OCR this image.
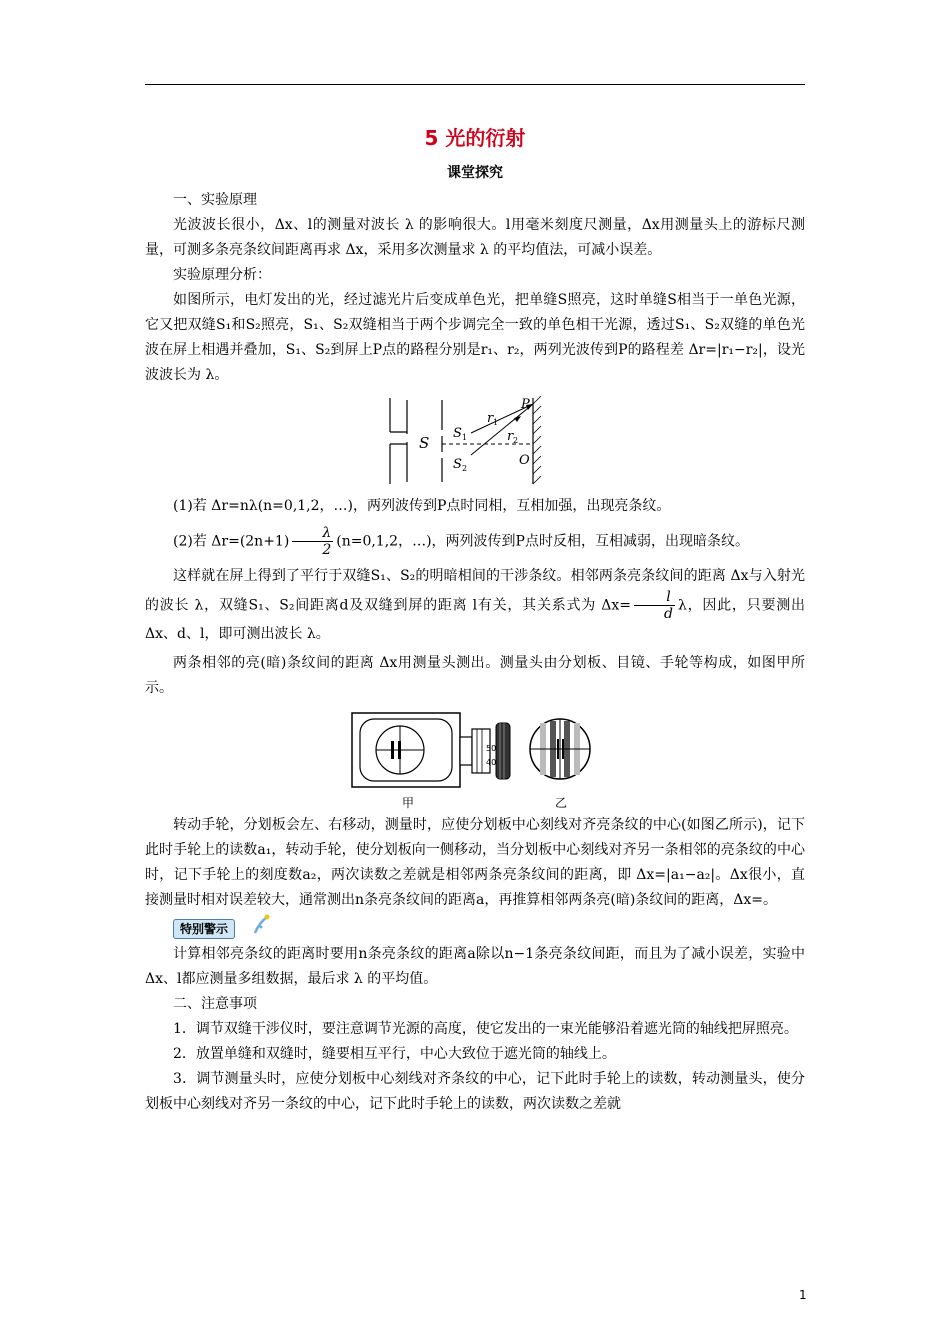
5 光的衍射
课堂探究

一、实验原理

光波波长很小，Δx、l的测量对波长 λ 的影响很大。l用毫米刻度尺测量，Δx用测量头上的游标尺测量，可测多条亮条纹间距离再求 Δx，采用多次测量求 λ 的平均值法，可减小误差。

实验原理分析：

如图所示，电灯发出的光，经过滤光片后变成单色光，把单缝S照亮，这时单缝S相当于一单色光源，它又把双缝S₁和S₂照亮，S₁、S₂双缝相当于两个步调完全一致的单色相干光源，透过S₁、S₂双缝的单色光波在屏上相遇并叠加，S₁、S₂到屏上P点的路程分别是r₁、r₂，两列光波传到P的路程差 Δr=|r₁−r₂|，设光波波长为 λ。

S
S 1
S 2
r 1
r 2
P
O

(1)若 Δr=nλ(n=0,1,2，…)，两列波传到P点时同相，互相加强，出现亮条纹。

(2)若 $\Delta r=(2n+1) \frac{\lambda}{2} (n=0,1,2$，…)，两列波传到P点时反相，互相减弱，出现暗条纹。

这样就在屏上得到了平行于双缝S₁、S₂的明暗相间的干涉条纹。相邻两条亮条纹间的距离 Δx与入射光的波长 λ，双缝S₁、S₂间距离d及双缝到屏的距离 l有关，其关系式为 $\Delta x= \frac{l}{d}$ λ，因此，只要测出 Δx、d、l，即可测出波长 λ。

两条相邻的亮(暗)条纹间的距离 Δx用测量头测出。测量头由分划板、目镜、手轮等构成，如图甲所示。

50
40
甲	乙

转动手轮，分划板会左、右移动，测量时，应使分划板中心刻线对齐亮条纹的中心(如图乙所示)，记下此时手轮上的读数a₁，转动手轮，使分划板向一侧移动，当分划板中心刻线对齐另一条相邻的亮条纹的中心时，记下手轮上的刻度数a₂，两次读数之差就是相邻两条亮条纹间的距离，即 Δx=|a₁−a₂|。Δx很小，直接测量时相对误差较大，通常测出n条亮条纹间的距离a，再推算相邻两条亮(暗)条纹间的距离，Δx=。

特别警示

计算相邻亮条纹的距离时要用n条亮条纹的距离a除以n−1条亮条纹间距，而且为了减小误差，实验中 Δx、l都应测量多组数据，最后求 λ 的平均值。

二、注意事项

1．调节双缝干涉仪时，要注意调节光源的高度，使它发出的一束光能够沿着遮光筒的轴线把屏照亮。

2．放置单缝和双缝时，缝要相互平行，中心大致位于遮光筒的轴线上。

3．调节测量头时，应使分划板中心刻线对齐条纹的中心，记下此时手轮上的读数，转动测量头，使分划板中心刻线对齐另一条纹的中心，记下此时手轮上的读数，两次读数之差就

1
